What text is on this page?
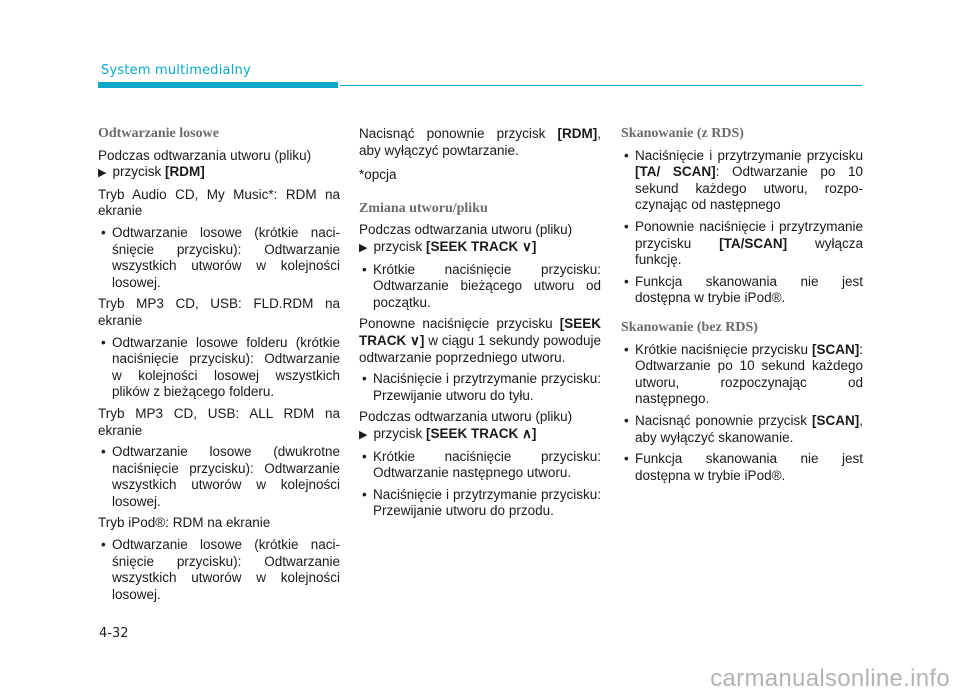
System multimedialny
Odtwarzanie losowe

Podczas odtwarzania utworu (pliku)
▶ przycisk [RDM]

Tryb Audio CD, My Music*: RDM na ekranie

• Odtwarzanie losowe (krótkie naciśnięcie przycisku): Odtwarzanie wszystkich utworów w kolejności losowej.

Tryb MP3 CD, USB: FLD.RDM na ekranie

• Odtwarzanie losowe folderu (krótkie naciśnięcie przycisku): Odtwarzanie w kolejności losowej wszystkich plików z bieżącego folderu.

Tryb MP3 CD, USB: ALL RDM na ekranie

• Odtwarzanie losowe (dwukrotne naciśnięcie przycisku): Odtwarzanie wszystkich utworów w kolejności losowej.

Tryb iPod®: RDM na ekranie

• Odtwarzanie losowe (krótkie naciśnięcie przycisku): Odtwarzanie wszystkich utworów w kolejności losowej.

Nacisnąć ponownie przycisk [RDM], aby wyłączyć powtarzanie.

*opcja

Zmiana utworu/pliku

Podczas odtwarzania utworu (pliku)
▶ przycisk [SEEK TRACK ∨]

• Krótkie naciśnięcie przycisku: Odtwarzanie bieżącego utworu od początku.

Ponowne naciśnięcie przycisku [SEEK TRACK ∨] w ciągu 1 sekundy powoduje odtwarzanie poprzedniego utworu.

• Naciśnięcie i przytrzymanie przycisku: Przewijanie utworu do tyłu.

Podczas odtwarzania utworu (pliku)
▶ przycisk [SEEK TRACK ∧]

• Krótkie naciśnięcie przycisku: Odtwarzanie następnego utworu.
• Naciśnięcie i przytrzymanie przycisku: Przewijanie utworu do przodu.
Skanowanie (z RDS)
• Naciśnięcie i przytrzymanie przycisku [TA/ SCAN]: Odtwarzanie po 10 sekund każdego utworu, rozpoczynając od następnego
• Ponownie naciśnięcie i przytrzymanie przycisku [TA/SCAN] wyłącza funkcję.
• Funkcja skanowania nie jest dostępna w trybie iPod®.
Skanowanie (bez RDS)
• Krótkie naciśnięcie przycisku [SCAN]: Odtwarzanie po 10 sekund każdego utworu, rozpoczynając od następnego.
• Nacisnąć ponownie przycisk [SCAN], aby wyłączyć skanowanie.
• Funkcja skanowania nie jest dostępna w trybie iPod®.
4-32
carmanualsonline.info
